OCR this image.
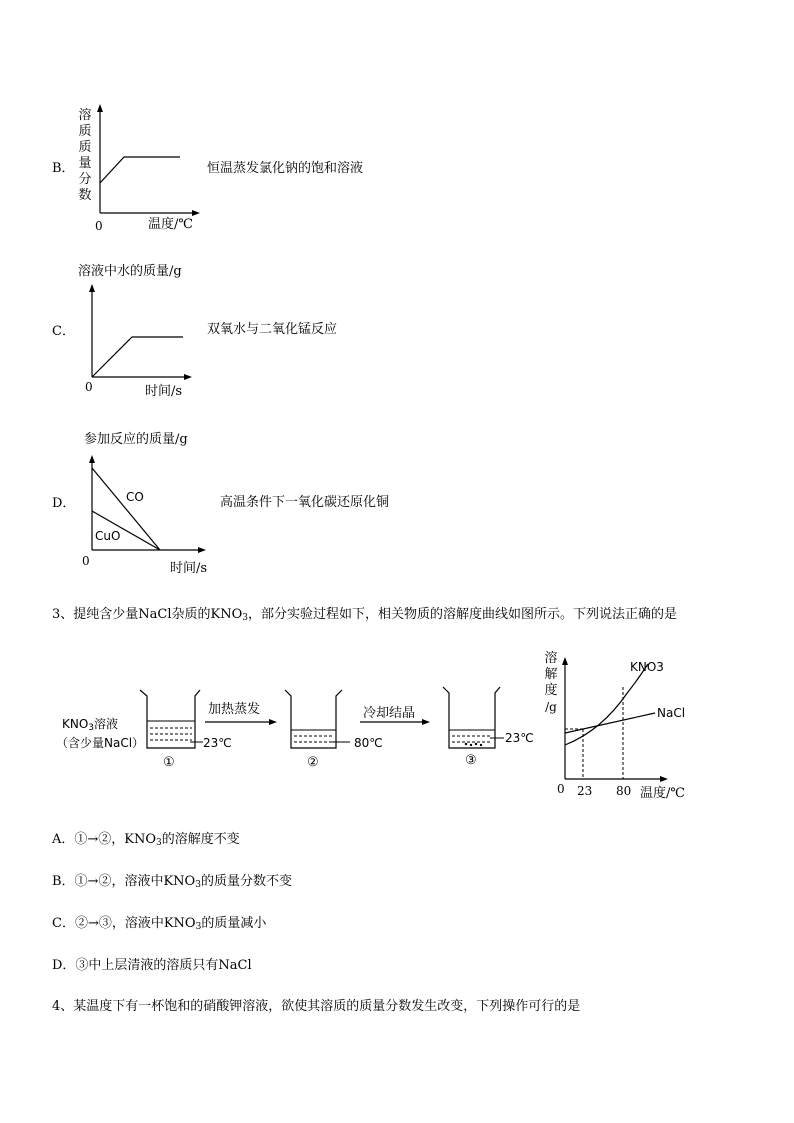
B．
溶
质
质
量
分
数
0	温度/℃
恒温蒸发氯化钠的饱和溶液
溶液中水的质量/g
C．
0	时间/s
双氧水与二氧化锰反应
参加反应的质量/g
D．	CO
CuO
0	时间/s
高温条件下一氧化碳还原化铜
3、提纯含少量NaCl杂质的$KNO_3$，部分实验过程如下，相关物质的溶解度曲线如图所示。下列说法正确的是
$KNO_3$溶液
（含少量NaCl）	23℃
①
加热蒸发
80℃
②
冷却结晶
23℃
③
溶
解
度
/g
KNO3
NaCl
0 23 80 温度/℃
A．①→②，$KNO_3$的溶解度不变
B．①→②，溶液中$KNO_3$的质量分数不变
C．②→③，溶液中$KNO_3$的质量减小
D．③中上层清液的溶质只有NaCl
4、某温度下有一杯饱和的硝酸钾溶液，欲使其溶质的质量分数发生改变，下列操作可行的是
